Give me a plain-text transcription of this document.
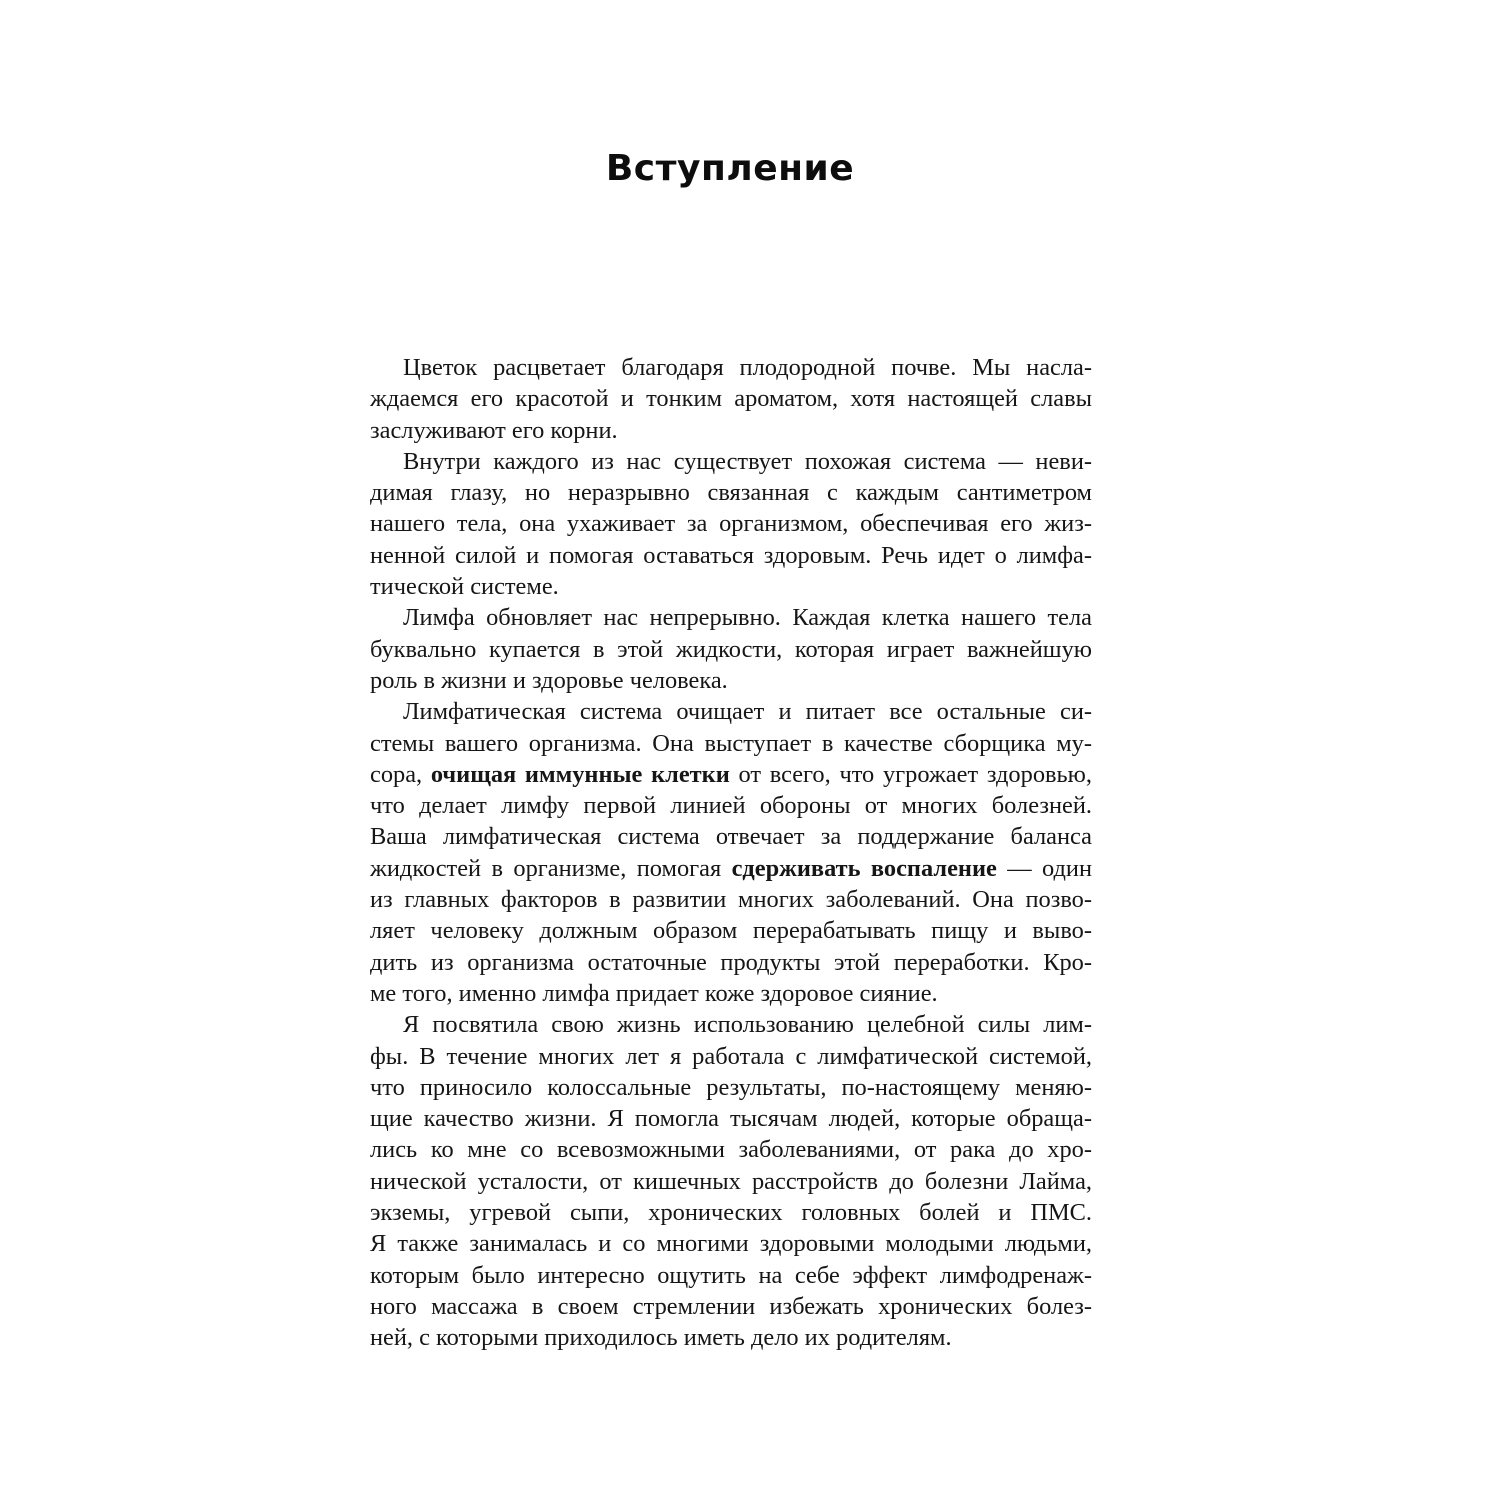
Вступление
Цветок расцветает благодаря плодородной почве. Мы насла-
ждаемся его красотой и тонким ароматом, хотя настоящей славы
заслуживают его корни.
Внутри каждого из нас существует похожая система — неви-
димая глазу, но неразрывно связанная с каждым сантиметром
нашего тела, она ухаживает за организмом, обеспечивая его жиз-
ненной силой и помогая оставаться здоровым. Речь идет о лимфа-
тической системе.
Лимфа обновляет нас непрерывно. Каждая клетка нашего тела
буквально купается в этой жидкости, которая играет важнейшую
роль в жизни и здоровье человека.
Лимфатическая система очищает и питает все остальные си-
стемы вашего организма. Она выступает в качестве сборщика му-
сора, очищая иммунные клетки от всего, что угрожает здоровью,
что делает лимфу первой линией обороны от многих болезней.
Ваша лимфатическая система отвечает за поддержание баланса
жидкостей в организме, помогая сдерживать воспаление — один
из главных факторов в развитии многих заболеваний. Она позво-
ляет человеку должным образом перерабатывать пищу и выво-
дить из организма остаточные продукты этой переработки. Кро-
ме того, именно лимфа придает коже здоровое сияние.
Я посвятила свою жизнь использованию целебной силы лим-
фы. В течение многих лет я работала с лимфатической системой,
что приносило колоссальные результаты, по-настоящему меняю-
щие качество жизни. Я помогла тысячам людей, которые обраща-
лись ко мне со всевозможными заболеваниями, от рака до хро-
нической усталости, от кишечных расстройств до болезни Лайма,
экземы, угревой сыпи, хронических головных болей и ПМС.
Я также занималась и со многими здоровыми молодыми людьми,
которым было интересно ощутить на себе эффект лимфодренаж-
ного массажа в своем стремлении избежать хронических болез-
ней, с которыми приходилось иметь дело их родителям.
